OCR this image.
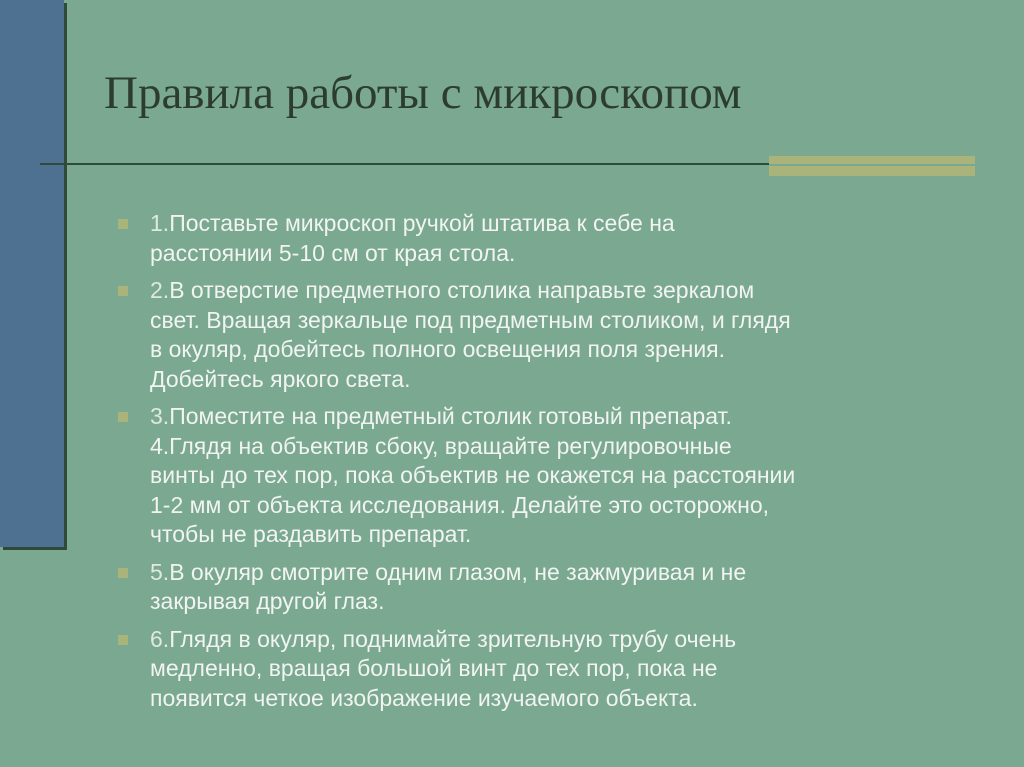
Правила работы с микроскопом
1.Поставьте микроскоп ручкой штатива к себе на
расстоянии 5-10 см от края стола.
2.В отверстие предметного столика направьте зеркалом
свет. Вращая зеркальце под предметным столиком, и глядя
в окуляр, добейтесь полного освещения поля зрения.
Добейтесь яркого света.
3.Поместите на предметный столик готовый препарат.
4.Глядя на объектив сбоку, вращайте регулировочные
винты до тех пор, пока объектив не окажется на расстоянии
1-2 мм от объекта исследования. Делайте это осторожно,
чтобы не раздавить препарат.
5.В окуляр смотрите одним глазом, не зажмуривая и не
закрывая другой глаз.
6.Глядя в окуляр, поднимайте зрительную трубу очень
медленно, вращая большой винт до тех пор, пока не
появится четкое изображение изучаемого объекта.
